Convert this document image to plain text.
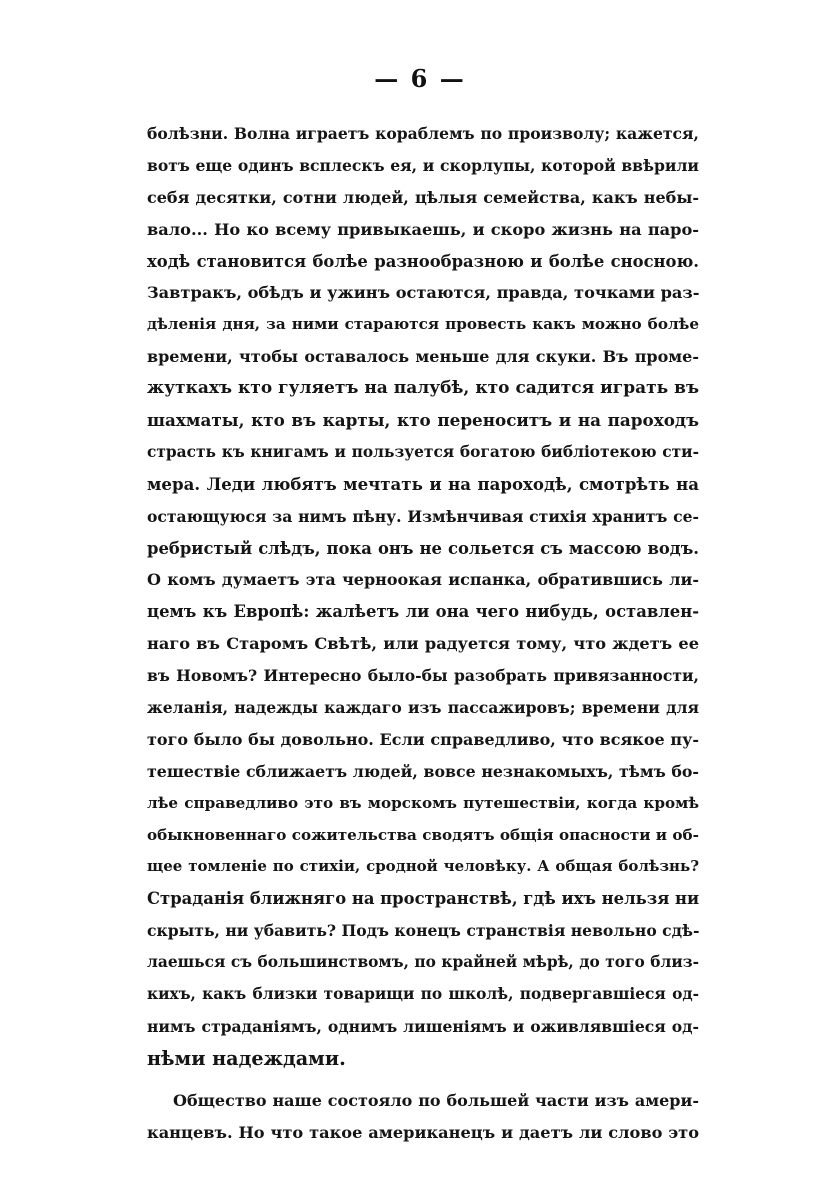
— 6 —
болѣзни. Волна играетъ кораблемъ по произволу; кажется,
вотъ еще одинъ всплескъ ея, и скорлупы, которой ввѣрили
себя десятки, сотни людей, цѣлыя семейства, какъ небы-
вало... Но ко всему привыкаешь, и скоро жизнь на паро-
ходѣ становится болѣе разнообразною и болѣе сносною.
Завтракъ, обѣдъ и ужинъ остаются, правда, точками раз-
дѣленія дня, за ними стараются провесть какъ можно болѣе
времени, чтобы оставалось меньше для скуки. Въ проме-
жуткахъ кто гуляетъ на палубѣ, кто садится играть въ
шахматы, кто въ карты, кто переноситъ и на пароходъ
страсть къ книгамъ и пользуется богатою библіотекою сти-
мера. Леди любятъ мечтать и на пароходѣ, смотрѣть на
остающуюся за нимъ пѣну. Измѣнчивая стихія хранитъ се-
ребристый слѣдъ, пока онъ не сольется съ массою водъ.
О комъ думаетъ эта черноокая испанка, обратившись ли-
цемъ къ Европѣ: жалѣетъ ли она чего нибудь, оставлен-
наго въ Старомъ Свѣтѣ, или радуется тому, что ждетъ ее
въ Новомъ? Интересно было-бы разобрать привязанности,
желанія, надежды каждаго изъ пассажировъ; времени для
того было бы довольно. Если справедливо, что всякое пу-
тешествіе сближаетъ людей, вовсе незнакомыхъ, тѣмъ бо-
лѣе справедливо это въ морскомъ путешествіи, когда кромѣ
обыкновеннаго сожительства сводятъ общія опасности и об-
щее томленіе по стихіи, сродной человѣку. А общая болѣзнь?
Страданія ближняго на пространствѣ, гдѣ ихъ нельзя ни
скрыть, ни убавить? Подъ конецъ странствія невольно сдѣ-
лаешься съ большинствомъ, по крайней мѣрѣ, до того близ-
кихъ, какъ близки товарищи по школѣ, подвергавшіеся од-
нимъ страданіямъ, однимъ лишеніямъ и оживлявшіеся од-
нѣми надеждами.
Общество наше состояло по большей части изъ амери-
канцевъ. Но что такое американецъ и даетъ ли слово это
